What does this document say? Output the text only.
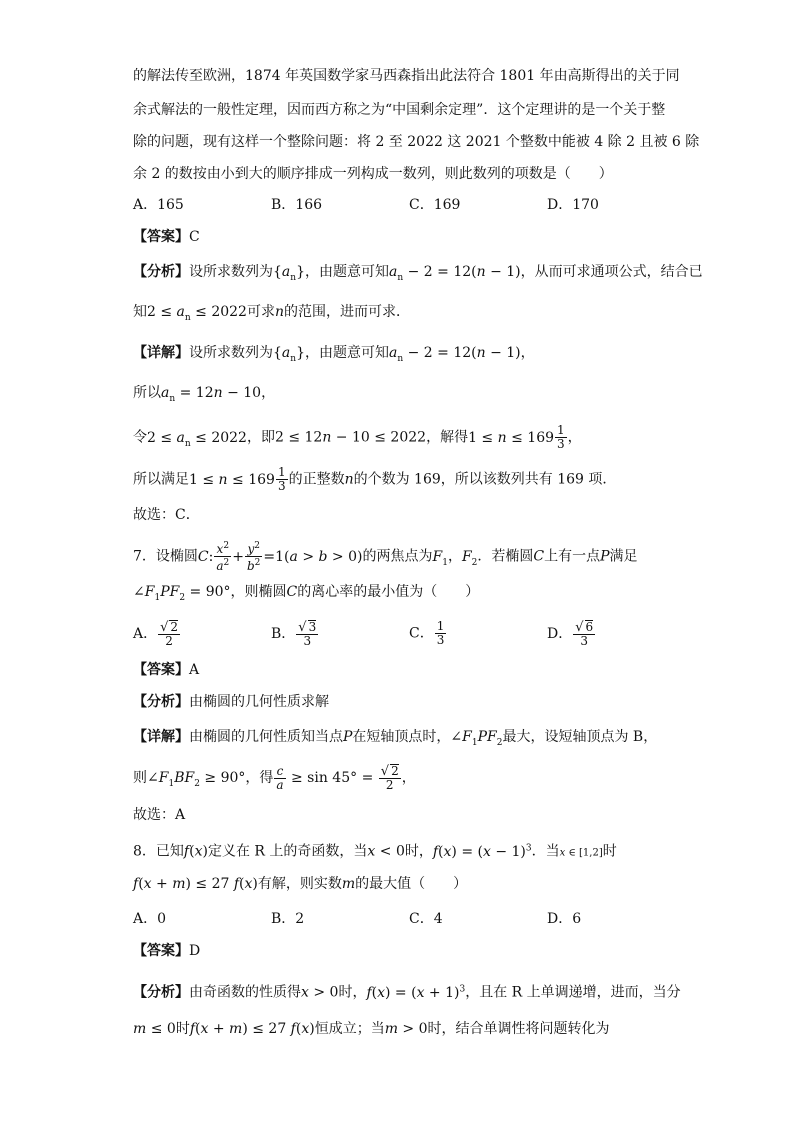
的解法传至欧洲，1874 年英国数学家马西森指出此法符合 1801 年由高斯得出的关于同
余式解法的一般性定理，因而西方称之为“中国剩余定理”．这个定理讲的是一个关于整
除的问题，现有这样一个整除问题：将 2 至 2022 这 2021 个整数中能被 4 除 2 且被 6 除
余 2 的数按由小到大的顺序排成一列构成一数列，则此数列的项数是（　　）
A．165	B．166	C．169	D．170
【答案】C
【分析】设所求数列为$\{a_n\}$，由题意可知$a_n - 2 = 12(n - 1)$，从而可求通项公式，结合已
知$2 \le a_n \le 2022$可求n的范围，进而可求．
【详解】设所求数列为$\{a_n\}$，由题意可知$a_n - 2 = 12(n - 1)$，
所以$a_n = 12n - 10$，
令$2 \le a_n \le 2022$，即2 ≤ 12n − 10 ≤ 2022，解得$1 \le n \le 169 \frac{1}{3}$ ，
所以满足$1 \le n \le 169 \frac{1}{3}$ 的正整数n的个数为 169，所以该数列共有 169 项．
故选：C．
7．设椭圆C: $\frac{x^2}{a^2} + \frac{y^2}{b^2} =1(a > b > 0)$的两焦点为$F_1$，$F_2$．若椭圆C上有一点P满足
$\angle F_1PF_2 = 90^\circ$，则椭圆C的离心率的最小值为（　　）
A． $\frac{√ 2}{2}$	B． $\frac{√ 3}{3}$	C． $\frac{1}{3}$	D． $\frac{√ 6}{3}$
【答案】A
【分析】由椭圆的几何性质求解
【详解】由椭圆的几何性质知当点P在短轴顶点时，$\angle F_1PF_2$最大，设短轴顶点为 B，
则$\angle F_1BF_2 \ge 90^\circ$，得 $\frac{c}{a} \ge \sin 45^\circ = \frac{√ 2}{2}$ ，
故选：A
8．已知f(x)定义在 R 上的奇函数，当x < 0时，$f(x) = (x - 1)^3$．当x ∈ [1,2]时
f(x + m) ≤ 27 f(x)有解，则实数m的最大值（　　）
A．0	B．2	C．4	D．6
【答案】D
【分析】由奇函数的性质得x > 0时，$f(x) = (x + 1)^3$，且在 R 上单调递增，进而，当分
m ≤ 0时f(x + m) ≤ 27 f(x)恒成立；当m > 0时，结合单调性将问题转化为
